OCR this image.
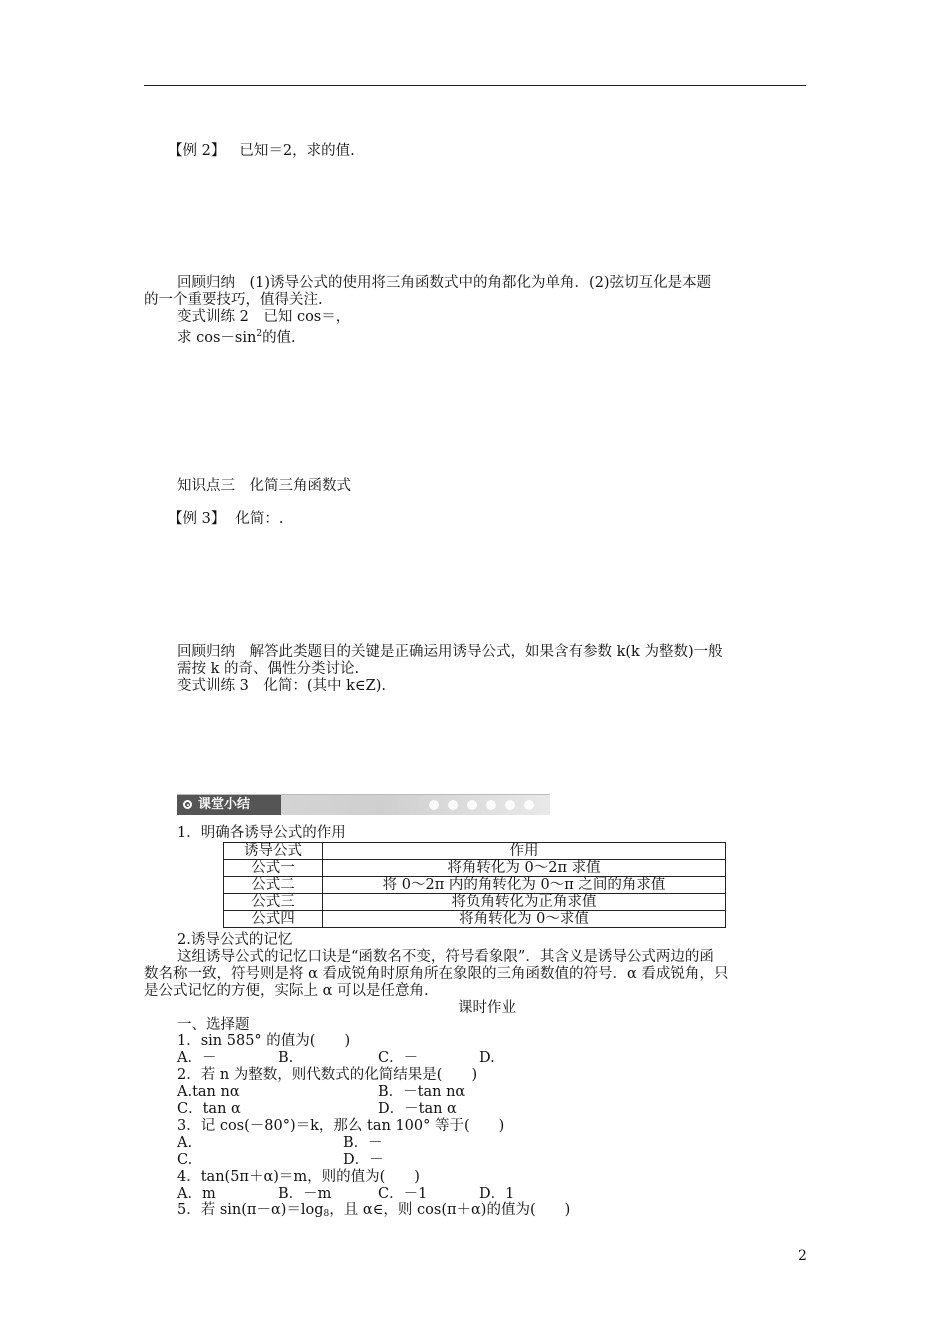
【例 2】 已知＝2，求的值.
回顾归纳　(1)诱导公式的使用将三角函数式中的角都化为单角．(2)弦切互化是本题
的一个重要技巧，值得关注.
变式训练 2　已知 cos＝，
求 $\cos-\sin^2$的值.
知识点三　化简三角函数式
【例 3】 化简：.
回顾归纳　解答此类题目的关键是正确运用诱导公式，如果含有参数 k(k 为整数)一般
需按 k 的奇、偶性分类讨论.
变式训练 3　化简：(其中 k∈Z).
课堂小结
1．明确各诱导公式的作用
诱导公式	作用
公式一	将角转化为 0～2π 求值
公式二	将 0～2π 内的角转化为 0～π 之间的角求值
公式三	将负角转化为正角求值
公式四	将角转化为 0～求值
2.诱导公式的记忆
这组诱导公式的记忆口诀是“函数名不变，符号看象限”．其含义是诱导公式两边的函
数名称一致，符号则是将 α 看成锐角时原角所在象限的三角函数值的符号．α 看成锐角，只
是公式记忆的方便，实际上 α 可以是任意角.
课时作业
一、选择题
1．sin 585° 的值为(　　)
A．－	B.	C．－	D.
2．若 n 为整数，则代数式的化简结果是(　　)
A.tan nα	B．－tan nα
C．tan α	D．－tan α
3．记 cos(－80°)＝k，那么 tan 100° 等于(　　)
A.	B．－
C.	D．－
4．tan(5π＋α)＝m，则的值为(　　)
A．m	B．－m	C．－1	D．1
5．若 $\sin(\pi-\alpha)=\log_8$，且 α∈，则 cos(π＋α)的值为(　　)
2
